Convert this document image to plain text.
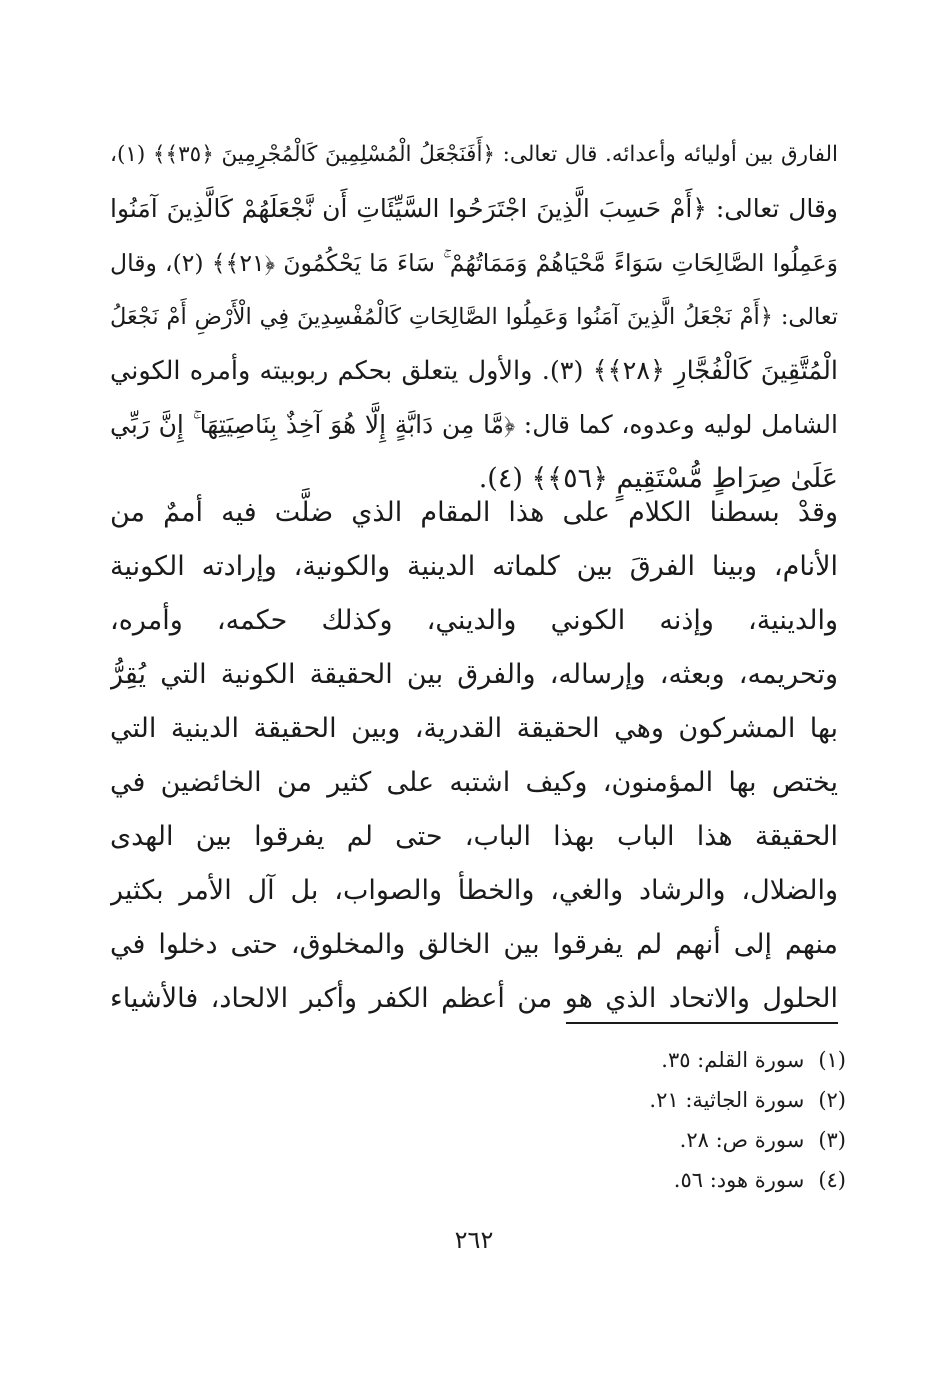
الفارق بين أوليائه وأعدائه. قال تعالى: ﴿أَفَنَجْعَلُ الْمُسْلِمِينَ كَالْمُجْرِمِينَ ﴿٣٥﴾﴾ (١)،
وقال تعالى: ﴿أَمْ حَسِبَ الَّذِينَ اجْتَرَحُوا السَّيِّئَاتِ أَن نَّجْعَلَهُمْ كَالَّذِينَ آمَنُوا
وَعَمِلُوا الصَّالِحَاتِ سَوَاءً مَّحْيَاهُمْ وَمَمَاتُهُمْ ۚ سَاءَ مَا يَحْكُمُونَ ﴿٢١﴾﴾ (٢)، وقال
تعالى: ﴿أَمْ نَجْعَلُ الَّذِينَ آمَنُوا وَعَمِلُوا الصَّالِحَاتِ كَالْمُفْسِدِينَ فِي الْأَرْضِ أَمْ نَجْعَلُ
الْمُتَّقِينَ كَالْفُجَّارِ ﴿٢٨﴾﴾ (٣). والأول يتعلق بحكم ربوبيته وأمره الكوني
الشامل لوليه وعدوه، كما قال: ﴿مَّا مِن دَابَّةٍ إِلَّا هُوَ آخِذٌ بِنَاصِيَتِهَا ۚ إِنَّ رَبِّي
عَلَىٰ صِرَاطٍ مُّسْتَقِيمٍ ﴿٥٦﴾﴾ (٤).
وقدْ بسطنا الكلام على هذا المقام الذي ضلَّت فيه أممٌ من
الأنام، وبينا الفرقَ بين كلماته الدينية والكونية، وإرادته الكونية
والدينية، وإذنه الكوني والديني، وكذلك حكمه، وأمره،
وتحريمه، وبعثه، وإرساله، والفرق بين الحقيقة الكونية التي يُقِرُّ
بها المشركون وهي الحقيقة القدرية، وبين الحقيقة الدينية التي
يختص بها المؤمنون، وكيف اشتبه على كثير من الخائضين في
الحقيقة هذا الباب بهذا الباب، حتى لم يفرقوا بين الهدى
والضلال، والرشاد والغي، والخطأ والصواب، بل آل الأمر بكثير
منهم إلى أنهم لم يفرقوا بين الخالق والمخلوق، حتى دخلوا في
الحلول والاتحاد الذي هو من أعظم الكفر وأكبر الالحاد، فالأشياء
(١)سورة القلم: ٣٥.
(٢)سورة الجاثية: ٢١.
(٣)سورة ص: ٢٨.
(٤)سورة هود: ٥٦.
٢٦٢
